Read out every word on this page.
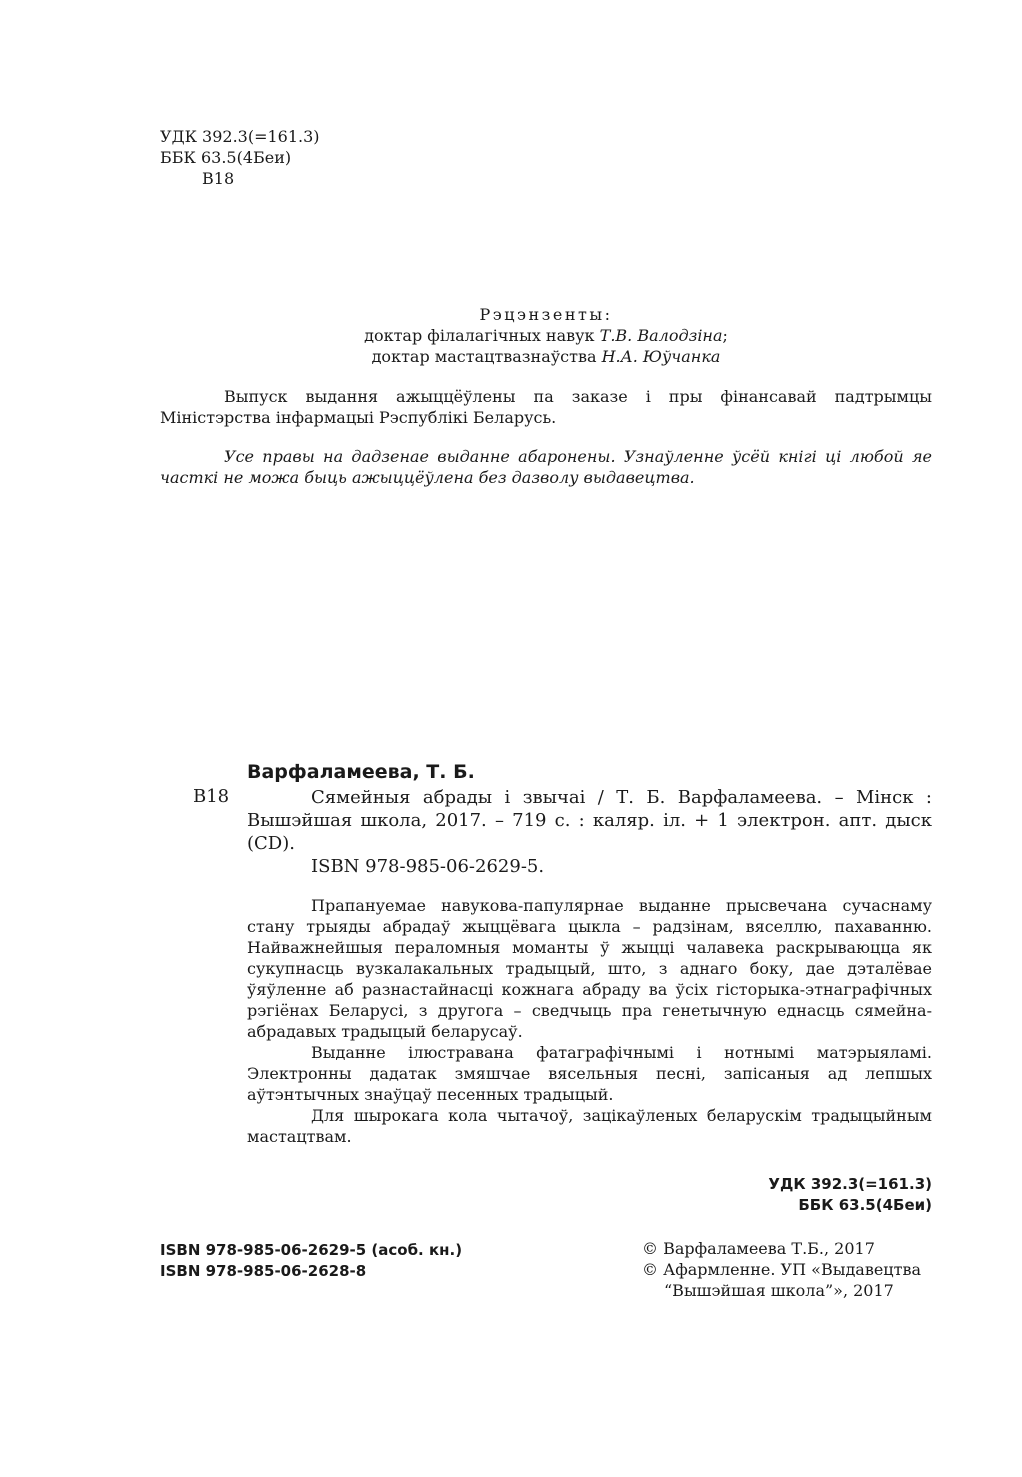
УДК 392.3(=161.3)
ББК 63.5(4Беи)
В18
Рэцэнзенты:
доктар філалагічных навук Т.В. Валодзіна;
доктар мастацтвазнаўства Н.А. Юўчанка
Выпуск выдання ажыццёўлены па заказе і пры фінансавай падтрымцы Міністэрства інфармацыі Рэспублікі Беларусь.
Усе правы на дадзенае выданне абаронены. Узнаўленне ўсёй кнігі ці любой яе часткі не можа быць ажыццёўлена без дазволу выдавецтва.
Варфаламеева, Т. Б.
В18	Сямейныя абрады і звычаі / Т. Б. Варфаламеева. – Мінск : Вышэйшая школа, 2017. – 719 с. : каляр. іл. + 1 электрон. апт. дыск (CD).
ISBN 978-985-06-2629-5.
Прапануемае навукова-папулярнае выданне прысвечана сучаснаму стану трыяды абрадаў жыццёвага цыкла – радзінам, вяселлю, пахаванню. Найважнейшыя пераломныя моманты ў жыцці чалавека раскрываюцца як сукупнасць вузкалакальных традыцый, што, з аднаго боку, дае дэталёвае ўяўленне аб разнастайнасці кожнага абраду ва ўсіх гісторыка-этнаграфічных рэгіёнах Беларусі, з другога – сведчыць пра генетычную еднасць сямейна-абрадавых традыцый беларусаў.
Выданне ілюстравана фатаграфічнымі і нотнымі матэрыяламі. Электронны дадатак змяшчае вясельныя песні, запісаныя ад лепшых аўтэнтычных знаўцаў песенных традыцый.
Для шырокага кола чытачоў, зацікаўленых беларускім традыцыйным мастацтвам.
УДК 392.3(=161.3)
ББК 63.5(4Беи)
ISBN 978-985-06-2629-5 (асоб. кн.)
ISBN 978-985-06-2628-8
© Варфаламеева Т.Б., 2017
© Афармленне. УП «Выдавецтва
“Вышэйшая школа”», 2017
